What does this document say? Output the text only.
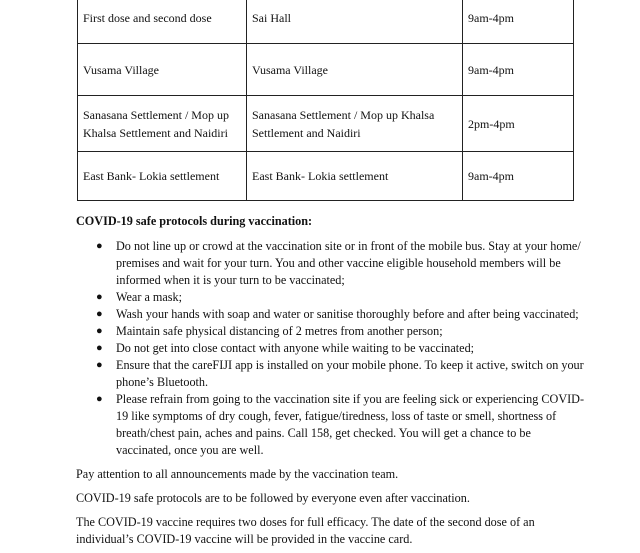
First dose and second dose	Sai Hall	9am-4pm
Vusama Village	Vusama Village	9am-4pm
Sanasana Settlement / Mop up Khalsa Settlement and Naidiri	Sanasana Settlement / Mop up Khalsa Settlement and Naidiri	2pm-4pm
East Bank- Lokia settlement	East Bank- Lokia settlement	9am-4pm

COVID-19 safe protocols during vaccination:

● Do not line up or crowd at the vaccination site or in front of the mobile bus. Stay at your home/ premises and wait for your turn. You and other vaccine eligible household members will be informed when it is your turn to be vaccinated;
● Wear a mask;
● Wash your hands with soap and water or sanitise thoroughly before and after being vaccinated;
● Maintain safe physical distancing of 2 metres from another person;
● Do not get into close contact with anyone while waiting to be vaccinated;
● Ensure that the careFIJI app is installed on your mobile phone. To keep it active, switch on your phone’s Bluetooth.
● Please refrain from going to the vaccination site if you are feeling sick or experiencing COVID-19 like symptoms of dry cough, fever, fatigue/tiredness, loss of taste or smell, shortness of breath/chest pain, aches and pains. Call 158, get checked. You will get a chance to be vaccinated, once you are well.

Pay attention to all announcements made by the vaccination team.

COVID-19 safe protocols are to be followed by everyone even after vaccination.

The COVID-19 vaccine requires two doses for full efficacy. The date of the second dose of an individual’s COVID-19 vaccine will be provided in the vaccine card.
